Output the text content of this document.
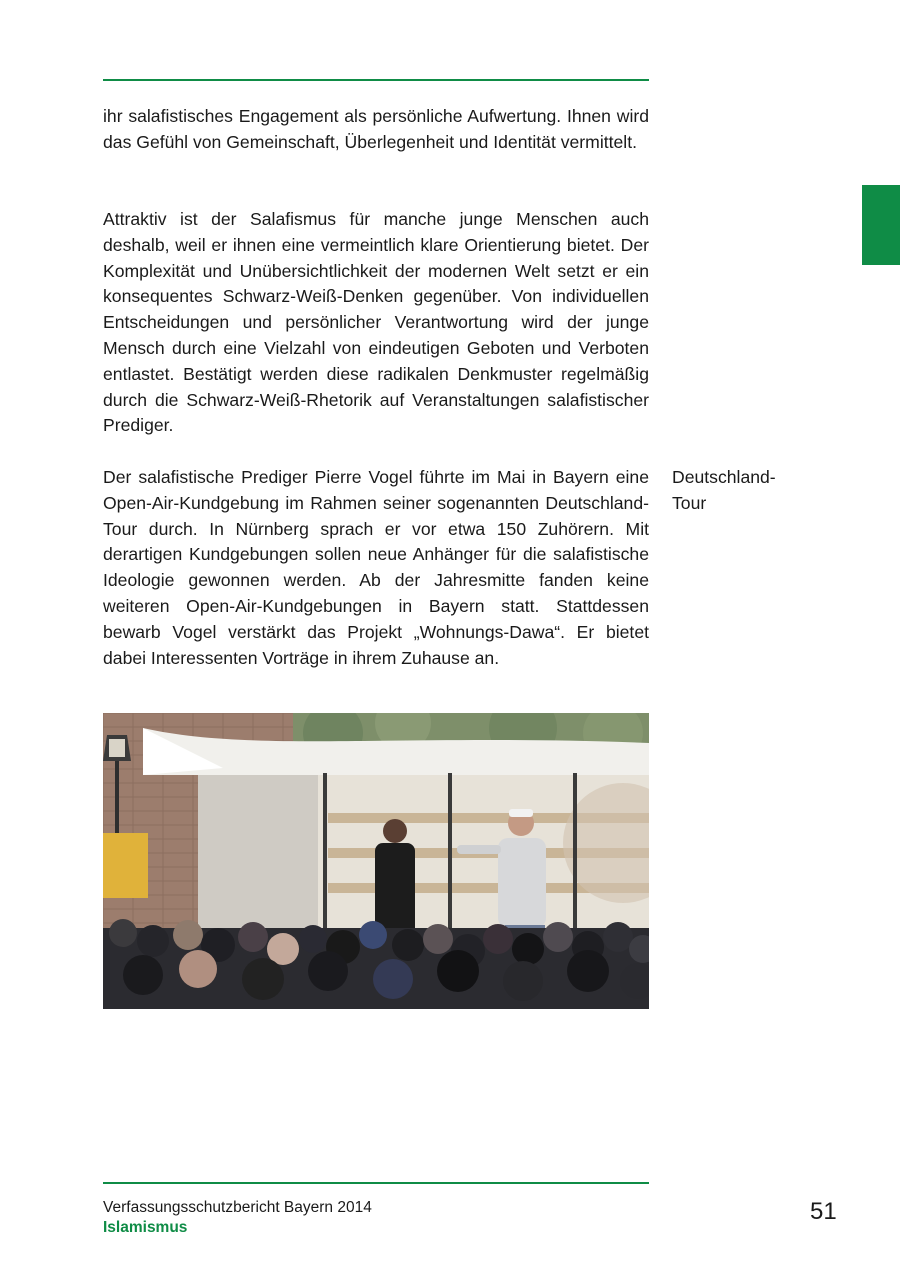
ihr salafistisches Engagement als persönliche Aufwertung. Ihnen wird das Gefühl von Gemeinschaft, Überlegenheit und Identität vermittelt.

Attraktiv ist der Salafismus für manche junge Menschen auch deshalb, weil er ihnen eine vermeintlich klare Orientierung bietet. Der Komplexität und Unübersichtlichkeit der modernen Welt setzt er ein konsequentes Schwarz-Weiß-Denken gegenüber. Von individuellen Entscheidungen und persönlicher Verantwortung wird der junge Mensch durch eine Vielzahl von eindeutigen Geboten und Verboten entlastet. Bestätigt werden diese radikalen Denkmuster regelmäßig durch die Schwarz-Weiß-Rhetorik auf Veranstaltungen salafistischer Prediger.

Der salafistische Prediger Pierre Vogel führte im Mai in Bayern eine Open-Air-Kundgebung im Rahmen seiner sogenannten Deutschland-Tour durch. In Nürnberg sprach er vor etwa 150 Zuhörern. Mit derartigen Kundgebungen sollen neue Anhänger für die salafistische Ideologie gewonnen werden. Ab der Jahresmitte fanden keine weiteren Open-Air-Kundgebungen in Bayern statt. Stattdessen bewarb Vogel verstärkt das Projekt „Wohnungs-Dawa“. Er bietet dabei Interessenten Vorträge in ihrem Zuhause an.

Deutschland-
Tour

Verfassungsschutzbericht Bayern 2014

Islamismus

51
